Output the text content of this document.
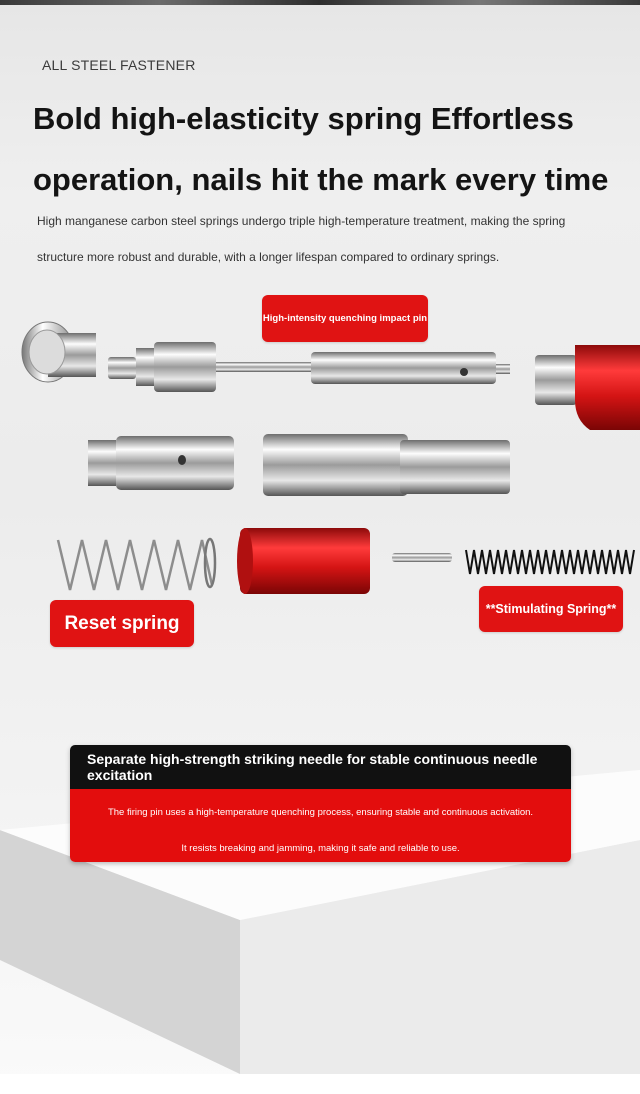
ALL STEEL FASTENER
Bold high-elasticity spring Effortless
operation, nails hit the mark every time
High manganese carbon steel springs undergo triple high-temperature treatment, making the spring
structure more robust and durable, with a longer lifespan compared to ordinary springs.
High-intensity quenching impact pin
Reset spring
**Stimulating Spring**
Separate high-strength striking needle for stable continuous needle excitation
The firing pin uses a high-temperature quenching process, ensuring stable and continuous activation.
It resists breaking and jamming, making it safe and reliable to use.
